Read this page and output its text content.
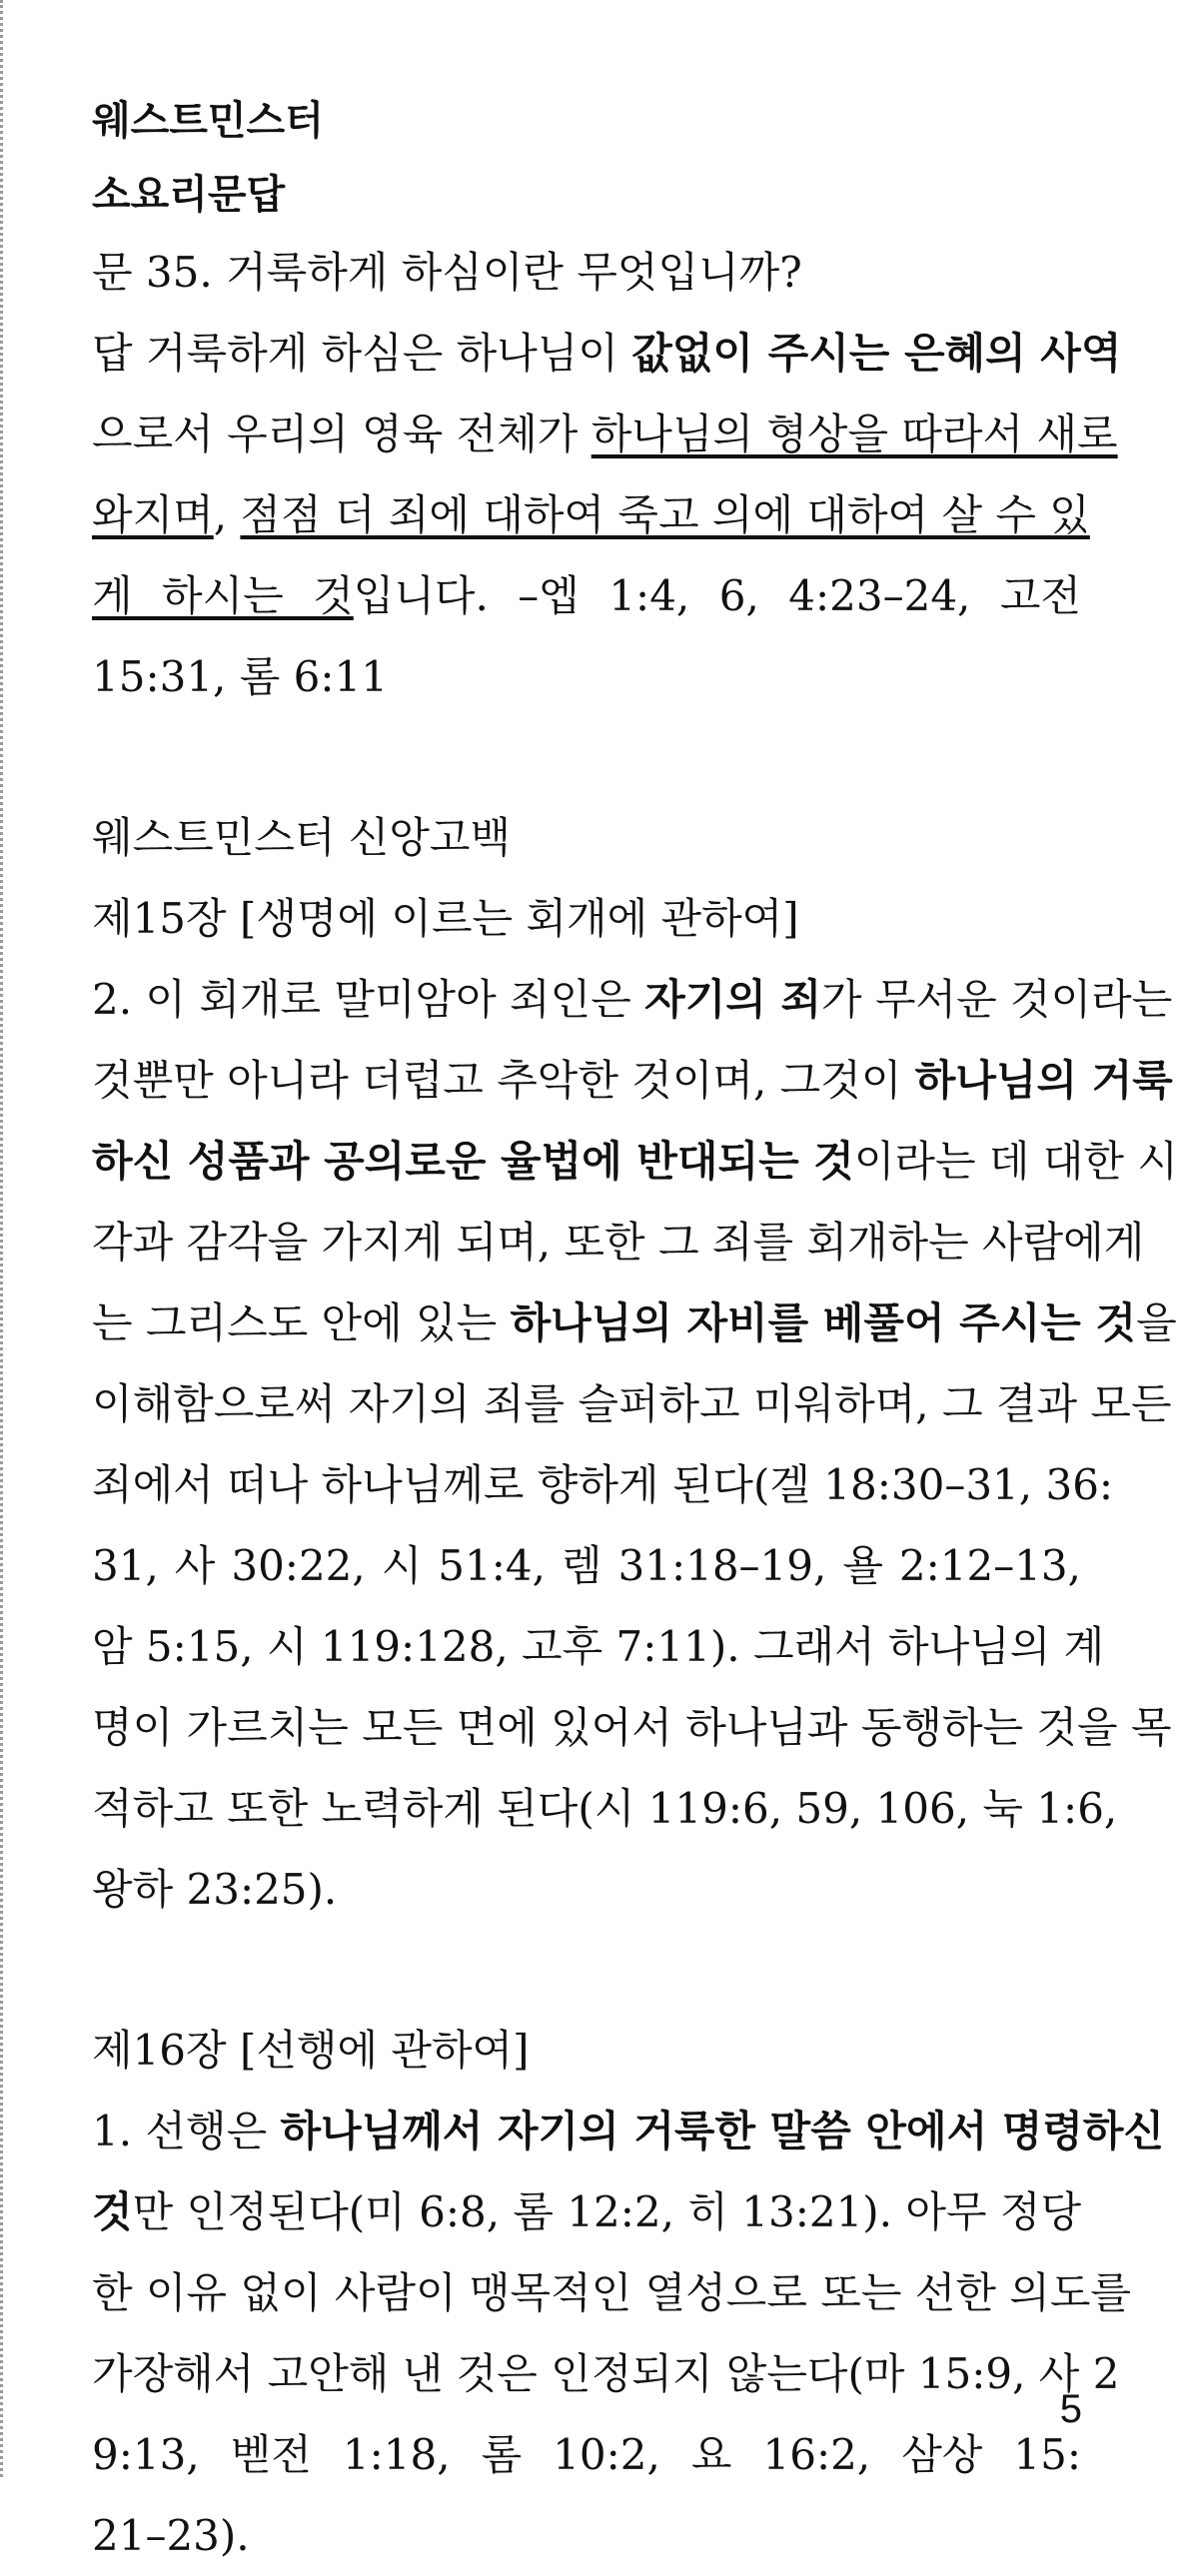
웨스트민스터
소요리문답
문 35. 거룩하게 하심이란 무엇입니까?
답 거룩하게 하심은 하나님이 값없이 주시는 은혜의 사역
으로서 우리의 영육 전체가 하나님의 형상을 따라서 새로
와지며, 점점 더 죄에 대하여 죽고 의에 대하여 살 수 있
게 하시는 것입니다. –엡 1:4, 6, 4:23–24, 고전
15:31, 롬 6:11
웨스트민스터 신앙고백
제15장 [생명에 이르는 회개에 관하여]
2. 이 회개로 말미암아 죄인은 자기의 죄가 무서운 것이라는
것뿐만 아니라 더럽고 추악한 것이며, 그것이 하나님의 거룩
하신 성품과 공의로운 율법에 반대되는 것이라는 데 대한 시
각과 감각을 가지게 되며, 또한 그 죄를 회개하는 사람에게
는 그리스도 안에 있는 하나님의 자비를 베풀어 주시는 것을
이해함으로써 자기의 죄를 슬퍼하고 미워하며, 그 결과 모든
죄에서 떠나 하나님께로 향하게 된다(겔 18:30–31, 36:
31, 사 30:22, 시 51:4, 렘 31:18–19, 욜 2:12–13,
암 5:15, 시 119:128, 고후 7:11). 그래서 하나님의 계
명이 가르치는 모든 면에 있어서 하나님과 동행하는 것을 목
적하고 또한 노력하게 된다(시 119:6, 59, 106, 눅 1:6,
왕하 23:25).
제16장 [선행에 관하여]
1. 선행은 하나님께서 자기의 거룩한 말씀 안에서 명령하신
것만 인정된다(미 6:8, 롬 12:2, 히 13:21). 아무 정당
한 이유 없이 사람이 맹목적인 열성으로 또는 선한 의도를
가장해서 고안해 낸 것은 인정되지 않는다(마 15:9, 사 2
9:13, 벧전 1:18, 롬 10:2, 요 16:2, 삼상 15:
21–23).
5
